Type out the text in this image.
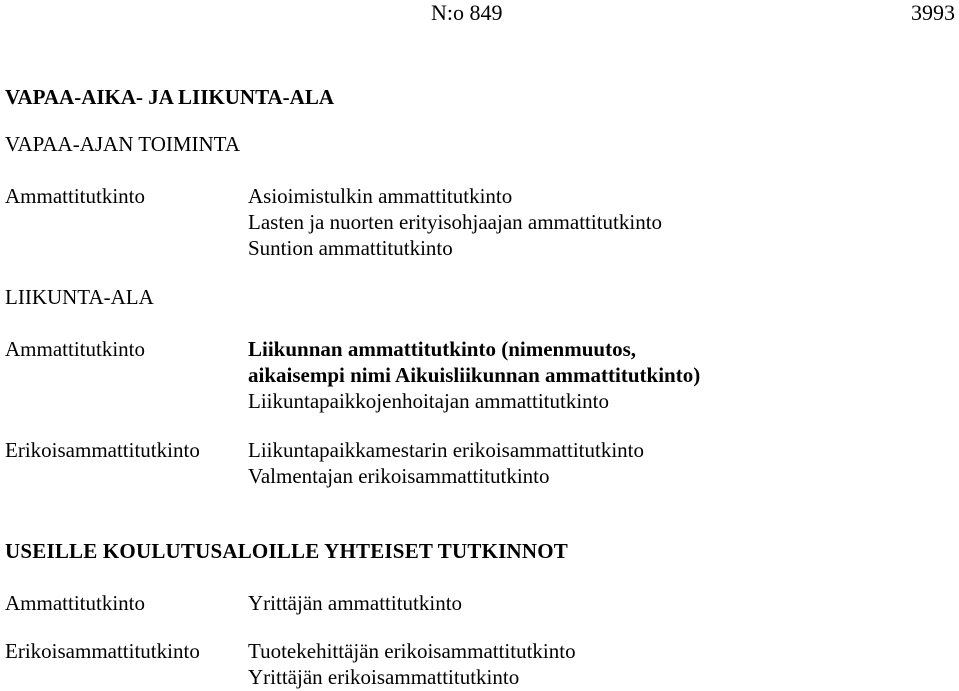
N:o 849	3993
VAPAA-AIKA- JA LIIKUNTA-ALA
VAPAA-AJAN TOIMINTA
Ammattitutkinto	Asioimistulkin ammattitutkinto

Lasten ja nuorten erityisohjaajan ammattitutkinto

Suntion ammattitutkinto

LIIKUNTA-ALA
Ammattitutkinto	Liikunnan ammattitutkinto (nimenmuutos,

aikaisempi nimi Aikuisliikunnan ammattitutkinto)

Liikuntapaikkojenhoitajan ammattitutkinto

Erikoisammattitutkinto Liikuntapaikkamestarin erikoisammattitutkinto

Valmentajan erikoisammattitutkinto

USEILLE KOULUTUSALOILLE YHTEISET TUTKINNOT
Ammattitutkinto	Yrittäjän ammattitutkinto

Erikoisammattitutkinto Tuotekehittäjän erikoisammattitutkinto

Yrittäjän erikoisammattitutkinto
